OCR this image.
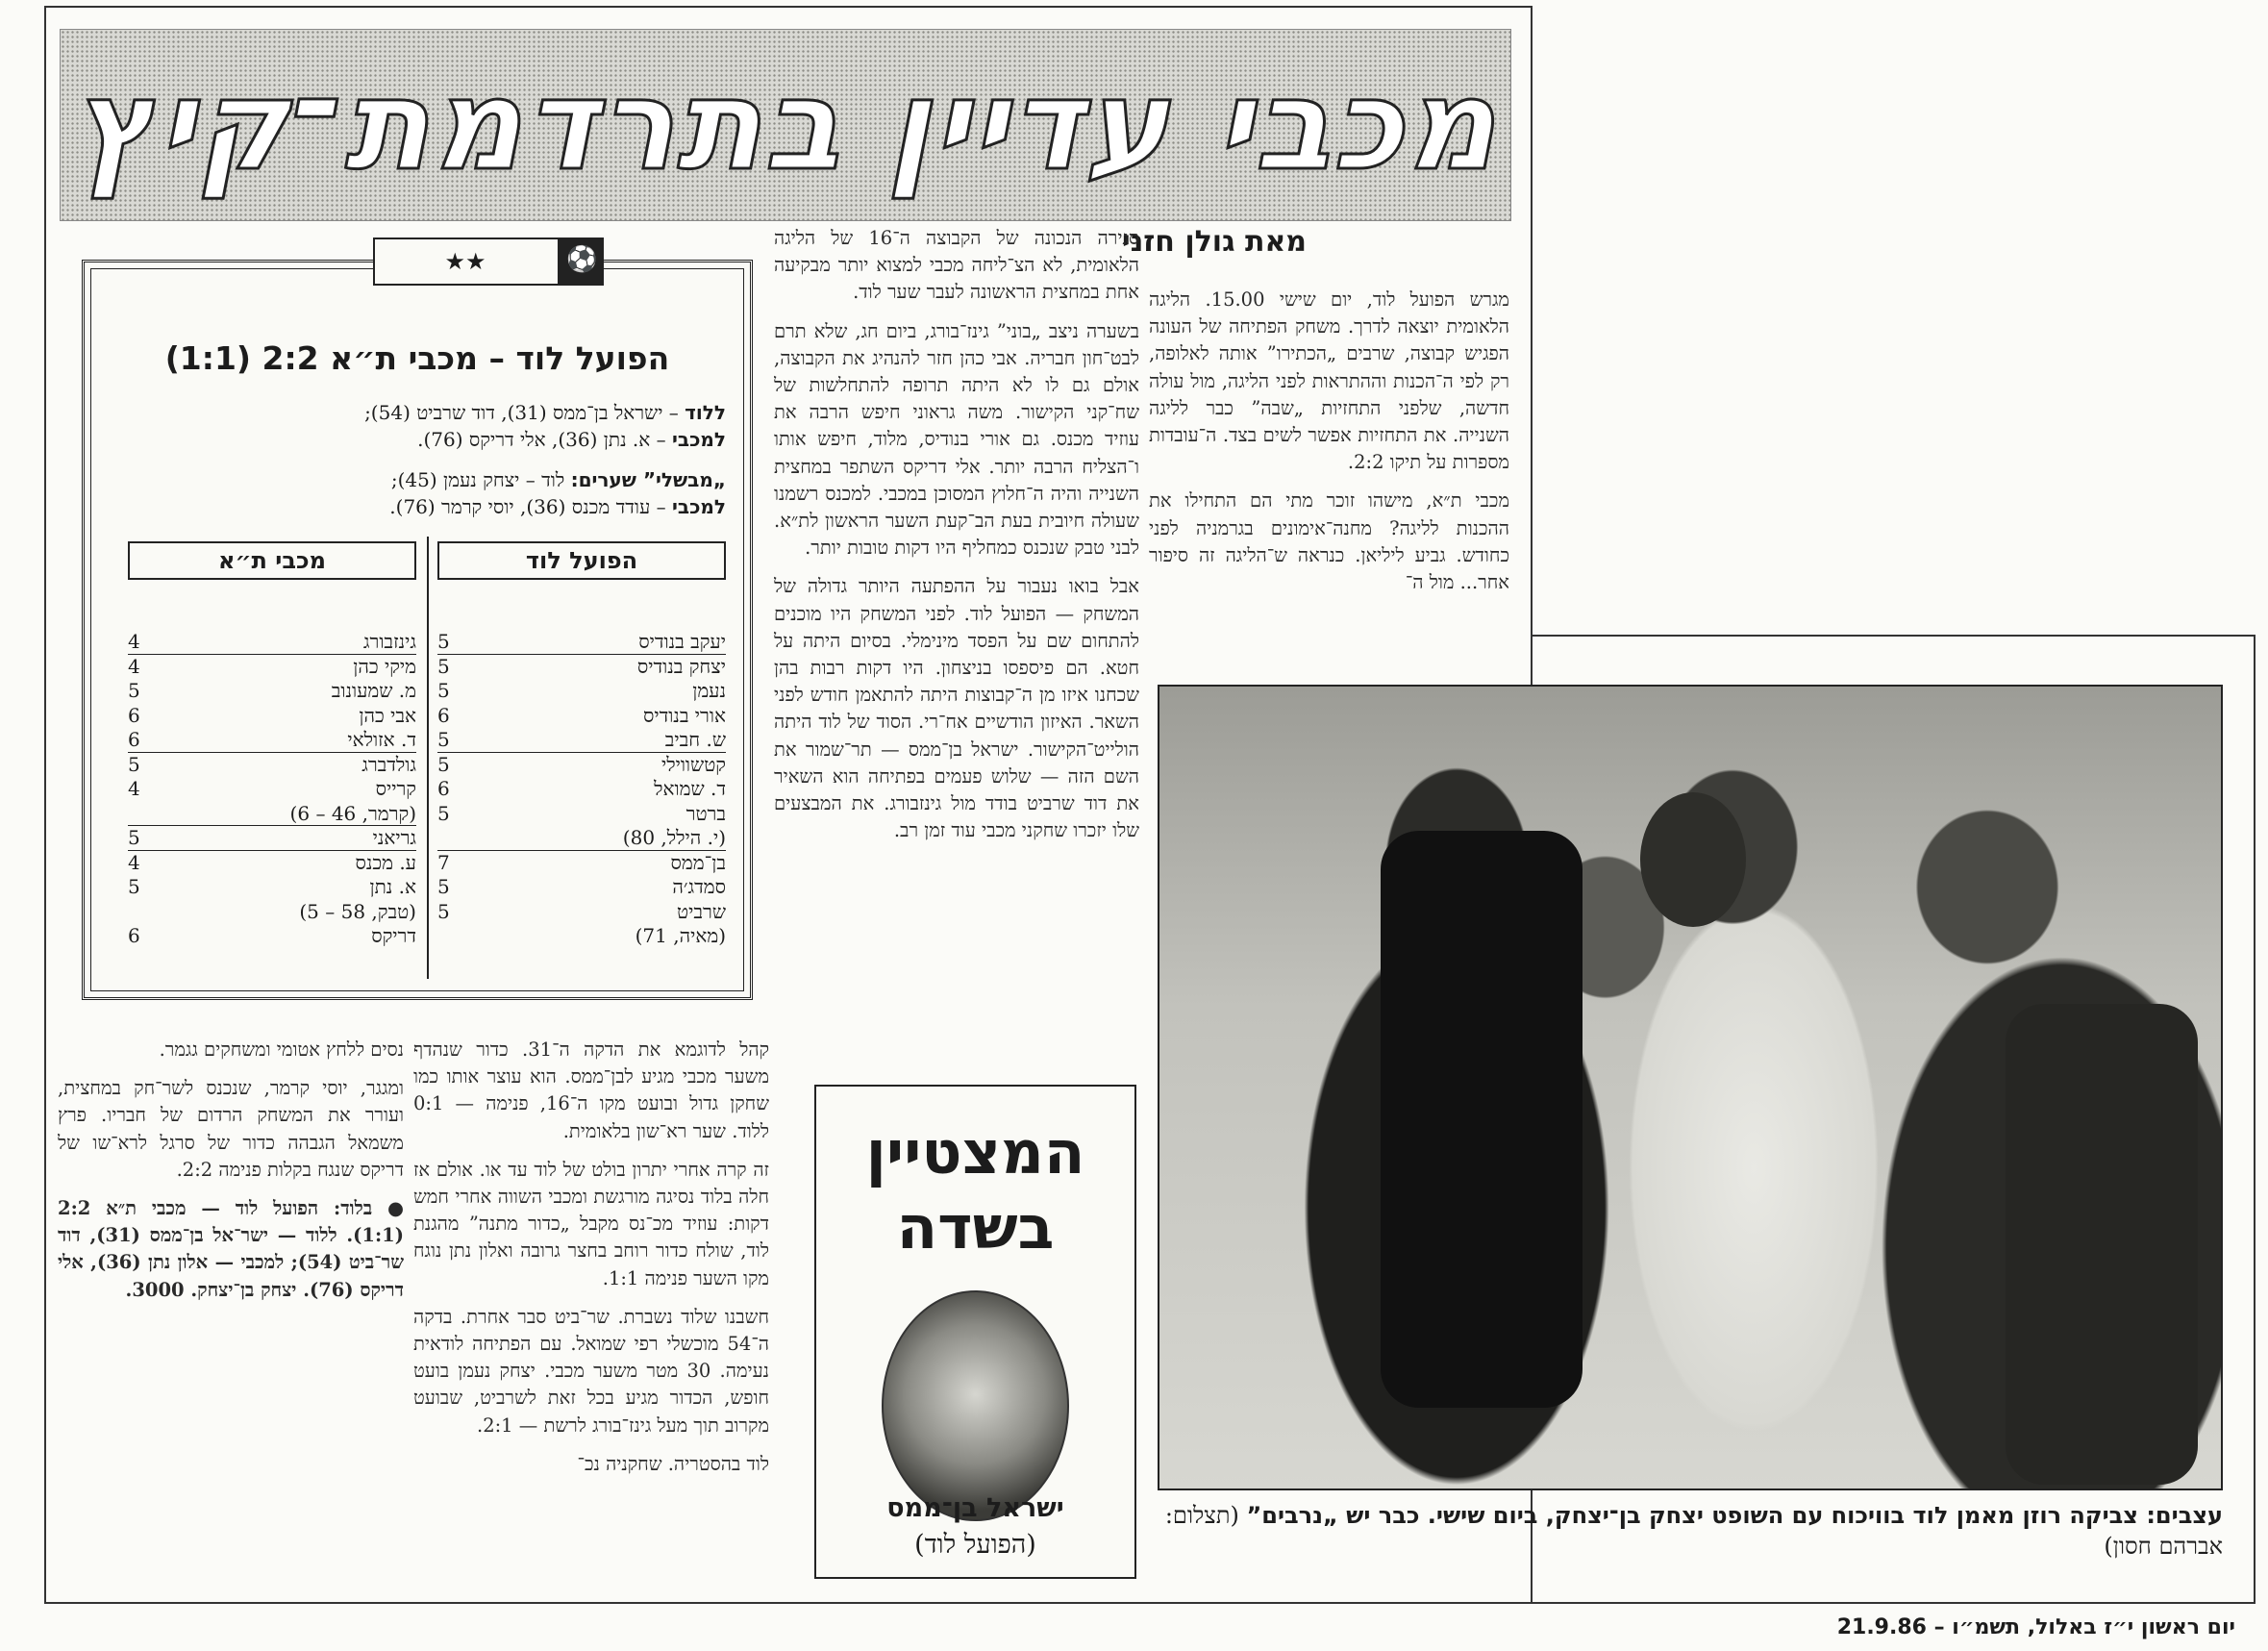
מכבי עדיין בתרדמת־קיץ
מאת גולן חזני

מגרש הפועל לוד, יום שישי 15.00. הליגה הלאומית יוצאה לדרך. משחק הפתיחה של העונה הפגיש קבוצה, שרבים „הכתירו” אותה לאלופה, רק לפי ה־הכנות וההתראות לפני הליגה, מול עולה חדשה, שלפני התחזיות „שבה” כבר לליגה השנייה. את התחזיות אפשר לשים בצד. ה־עובדות מספרות על תיקו 2:2.

מכבי ת״א, מישהו זוכר מתי הם התחילו את ההכנות לליגה? מחנה־אימונים בגרמניה לפני כחודש. גביע ליליאן. כנראה ש־הליגה זה סיפור אחר... מול ה־

סגירה הנכונה של הקבוצה ה־16 של הליגה הלאומית, לא הצ־ליחה מכבי למצוא יותר מבקיעה אחת במחצית הראשונה לעבר שער לוד.

בשערה ניצב „בוני” גינז־בורג, ביום חג, שלא תרם לבט־חון חבריה. אבי כהן חזר להנהיג את הקבוצה, אולם גם לו לא היתה תרופה להתחלשות של שח־קני הקישור. משה גראוני חיפש הרבה את עוזיד מכנס. גם אורי בנודיס, מלוד, חיפש אותו ו־הצליח הרבה יותר. אלי דריקס השתפר במחצית השנייה והיה ה־חלוץ המסוכן במכבי. למכנס רשמנו שעולה חיובית בעת הב־קעת השער הראשון לת״א. לבני טבק שנכנס כמחליף היו דקות טובות יותר.

אבל בואו נעבור על ההפתעה היותר גדולה של המשחק — הפועל לוד. לפני המשחק היו מוכנים להתחום שם על הפסד מינימלי. בסיום היתה על חטא. הם פיספסו בניצחון. היו דקות רבות בהן שכחנו איזו מן ה־קבוצות היתה להתאמן חודש לפני השאר. האיזון הודשיים אח־רי. הסוד של לוד היתה הולייט־הקישור. ישראל בן־ממס — תר־שמור את השם הזה — שלוש פעמים בפתיחה הוא השאיר את דוד שרביט בודד מול גינזבורג. את המבצעים שלו יזכרו שחקני מכבי עוד זמן רב.

קהל לדוגמא את הדקה ה־31. כדור שנהדף משער מכבי מגיע לבן־ממס. הוא עוצר אותו כמו שחקן גדול ובועט מקו ה־16, פנימה — 0:1 ללוד. שער רא־שון בלאומית.

זה קרה אחרי יתרון בולט של לוד עד או. אולם אז חלה בלוד נסיגה מורגשת ומכבי השווה אחרי חמש דקות: עוזיד מכ־נס מקבל „כדור מתנה” מהגנת לוד, שולח כדור רוחב בחצר גרובה ואלון נתן נוגח מקו השער פנימה 1:1.

חשבנו שלוד נשברת. שר־ביט סבר אחרת. בדקה ה־54 מוכשלי רפי שמואל. עם הפתיחה לודאית נעימה. 30 מטר משער מכבי. יצחק נעמן בועט חופש, הכדור מגיע בכל זאת לשרביט, שבועט מקרוב תוך מעל גינז־בורג לרשת — 2:1.

לוד בהסטריה. שחקניה נכ־

נסים ללחץ אטומי ומשחקים גגמר.

ומגגר, יוסי קרמר, שנכנס לשר־חק במחצית, ועורר את המשחק הרדום של חבריו. פרץ משמאל הגבהה כדור של סרגל לרא־שו של דריקס שנגח בקלות פנימה 2:2.

● בלוד: הפועל לוד — מכבי ת״א 2:2 (1:1). ללוד — ישר־אל בן־ממס (31), דוד שר־ביט (54); למכבי — אלון נתן (36), אלי דריקס (76). יצחק בן־יצחק. 3000.

⚽
★★
הפועל לוד – מכבי ת״א 2:2 (1:1)
ללוד – ישראל בן־ממס (31), דוד שרביט (54);
למכבי – א. נתן (36), אלי דריקס (76).
„מבשלי” שערים: לוד – יצחק נעמן (45);
למכבי – עודד מכנס (36), יוסי קרמר (76).
הפועל לוד
יעקב בנודיס
5
יצחק בנודיס
5
נעמן
5
אורי בנודיס
6
ש. חביב
5
קטשווילי
5
ד. שמואל
6
ברטר
5
(י. הילל, 80)
בן־ממס
7
סמדג׳ה
5
שרביט
5
(מאיה, 71)
מכבי ת״א
גינזבורג
4
מיקי כהן
4
מ. שמעונוב
5
אבי כהן
6
ד. אזולאי
6
גולדברג
5
קרייס
4
(קרמר, 46 – 6)
גריאני
5
ע. מכנס
4
א. נתן
5
(טבק, 58 – 5)
דריקס
6
המצטיין
בשדה
ישראל בן־ממס
(הפועל לוד)
עצבים: צביקה רוזן מאמן לוד בוויכוח עם השופט יצחק בן־יצחק, ביום שישי. כבר יש „נרבים” (תצלום: אברהם חסון)
יום ראשון י״ז באלול, תשמ״ו – 21.9.86
